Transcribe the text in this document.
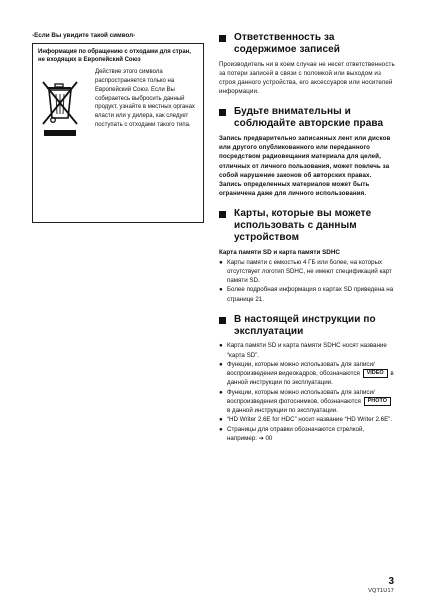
-Если Вы увидите такой символ-
Информация по обращению с отходами для стран, не входящих в Европейский Союз
Действие этого символа распространяется только на Европейский Союз. Если Вы собираетесь выбросить данный продукт, узнайте в местных органах власти или у дилера, как следует поступать с отходами такого типа.
Ответственность за содержимое записей
Производитель ни в коем случае не несет ответственность за потери записей в связи с поломкой или выходом из строя данного устройства, его аксессуаров или носителей информации.
Будьте внимательны и соблюдайте авторские права
Запись предварительно записанных лент или дисков или другого опубликованного или переданного посредством радиовещания материала для целей, отличных от личного пользования, может повлечь за собой нарушение законов об авторских правах. Запись определенных материалов может быть ограничена даже для личного использования.
Карты, которые вы можете использовать с данным устройством
Карта памяти SD и карта памяти SDHC
● Карты памяти с емкостью 4 ГБ или более, на которых отсутствует логотип SDHC, не имеют спецификаций карт памяти SD.
● Более подробная информация о картах SD приведена на странице 21.
В настоящей инструкции по эксплуатации
● Карта памяти SD и карта памяти SDHC носят название “карта SD”.
● Функции, которые можно использовать для записи/воспроизведения видеокадров, обозначаются VIDEO в данной инструкции по эксплуатации.
● Функции, которые можно использовать для записи/воспроизведения фотоснимков, обозначаются PHOTO в данной инструкции по эксплуатации.
● “HD Writer 2.6E for HDC” носит название “HD Writer 2.6E”.
● Страницы для справки обозначаются стрелкой, например: ➔ 00
3
VQT1U17
